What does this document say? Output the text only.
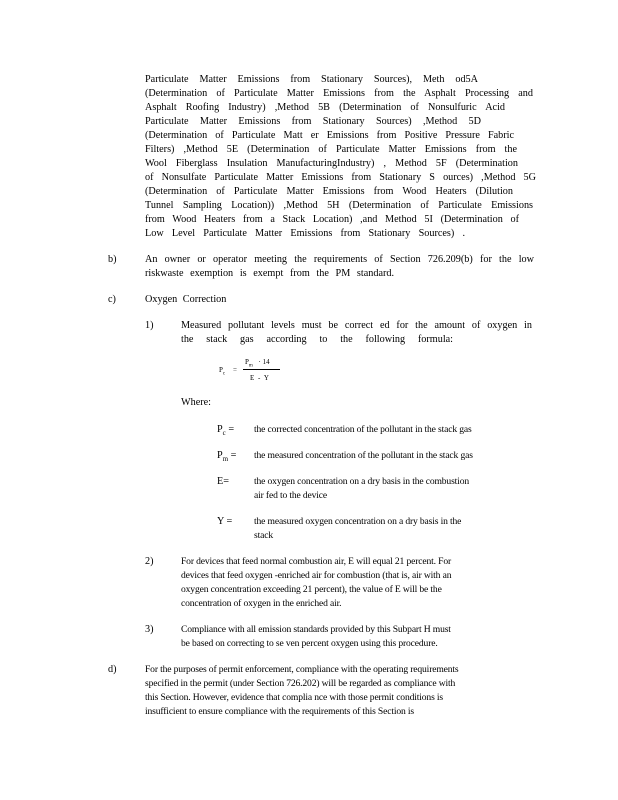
Particulate Matter Emissions from Stationary Sources), Meth od5A
(Determination of Particulate Matter Emissions from the Asphalt Processing and
Asphalt Roofing Industry) ,Method 5B (Determination of Nonsulfuric Acid
Particulate Matter Emissions from Stationary Sources) ,Method 5D
(Determination of Particulate Matt er Emissions from Positive Pressure Fabric
Filters) ,Method 5E (Determination of Particulate Matter Emissions from the
Wool Fiberglass Insulation ManufacturingIndustry) , Method 5F (Determination
of Nonsulfate Particulate Matter Emissions from Stationary S ources) ,Method 5G
(Determination of Particulate Matter Emissions from Wood Heaters (Dilution
Tunnel Sampling Location)) ,Method 5H (Determination of Particulate Emissions
from Wood Heaters from a Stack Location) ,and Method 5I (Determination of
Low Level Particulate Matter Emissions from Stationary Sources) .
b)	An owner or operator meeting the requirements of Section 726.209(b) for the low
riskwaste exemption is exempt from the PM standard.
c)	Oxygen Correction
1)	Measured pollutant levels must be correct ed for the amount of oxygen in
the stack gas according to the following formula:
$P_c$ =
$P_m \cdot 14$
E - Y
Where:
$P_c$ = the corrected concentration of the pollutant in the stack gas
$P_m$ = the measured concentration of the pollutant in the stack gas
E=	the oxygen concentration on a dry basis in the combustion
air fed to the device
Y = the measured oxygen concentration on a dry basis in the
stack
2)	For devices that feed normal combustion air, E will equal 21 percent. For
devices that feed oxygen -enriched air for combustion (that is, air with an
oxygen concentration exceeding 21 percent), the value of E will be the
concentration of oxygen in the enriched air.
3)	Compliance with all emission standards provided by this Subpart H must
be based on correcting to se ven percent oxygen using this procedure.
d)	For the purposes of permit enforcement, compliance with the operating requirements
specified in the permit (under Section 726.202) will be regarded as compliance with
this Section. However, evidence that complia nce with those permit conditions is
insufficient to ensure compliance with the requirements of this Section is
